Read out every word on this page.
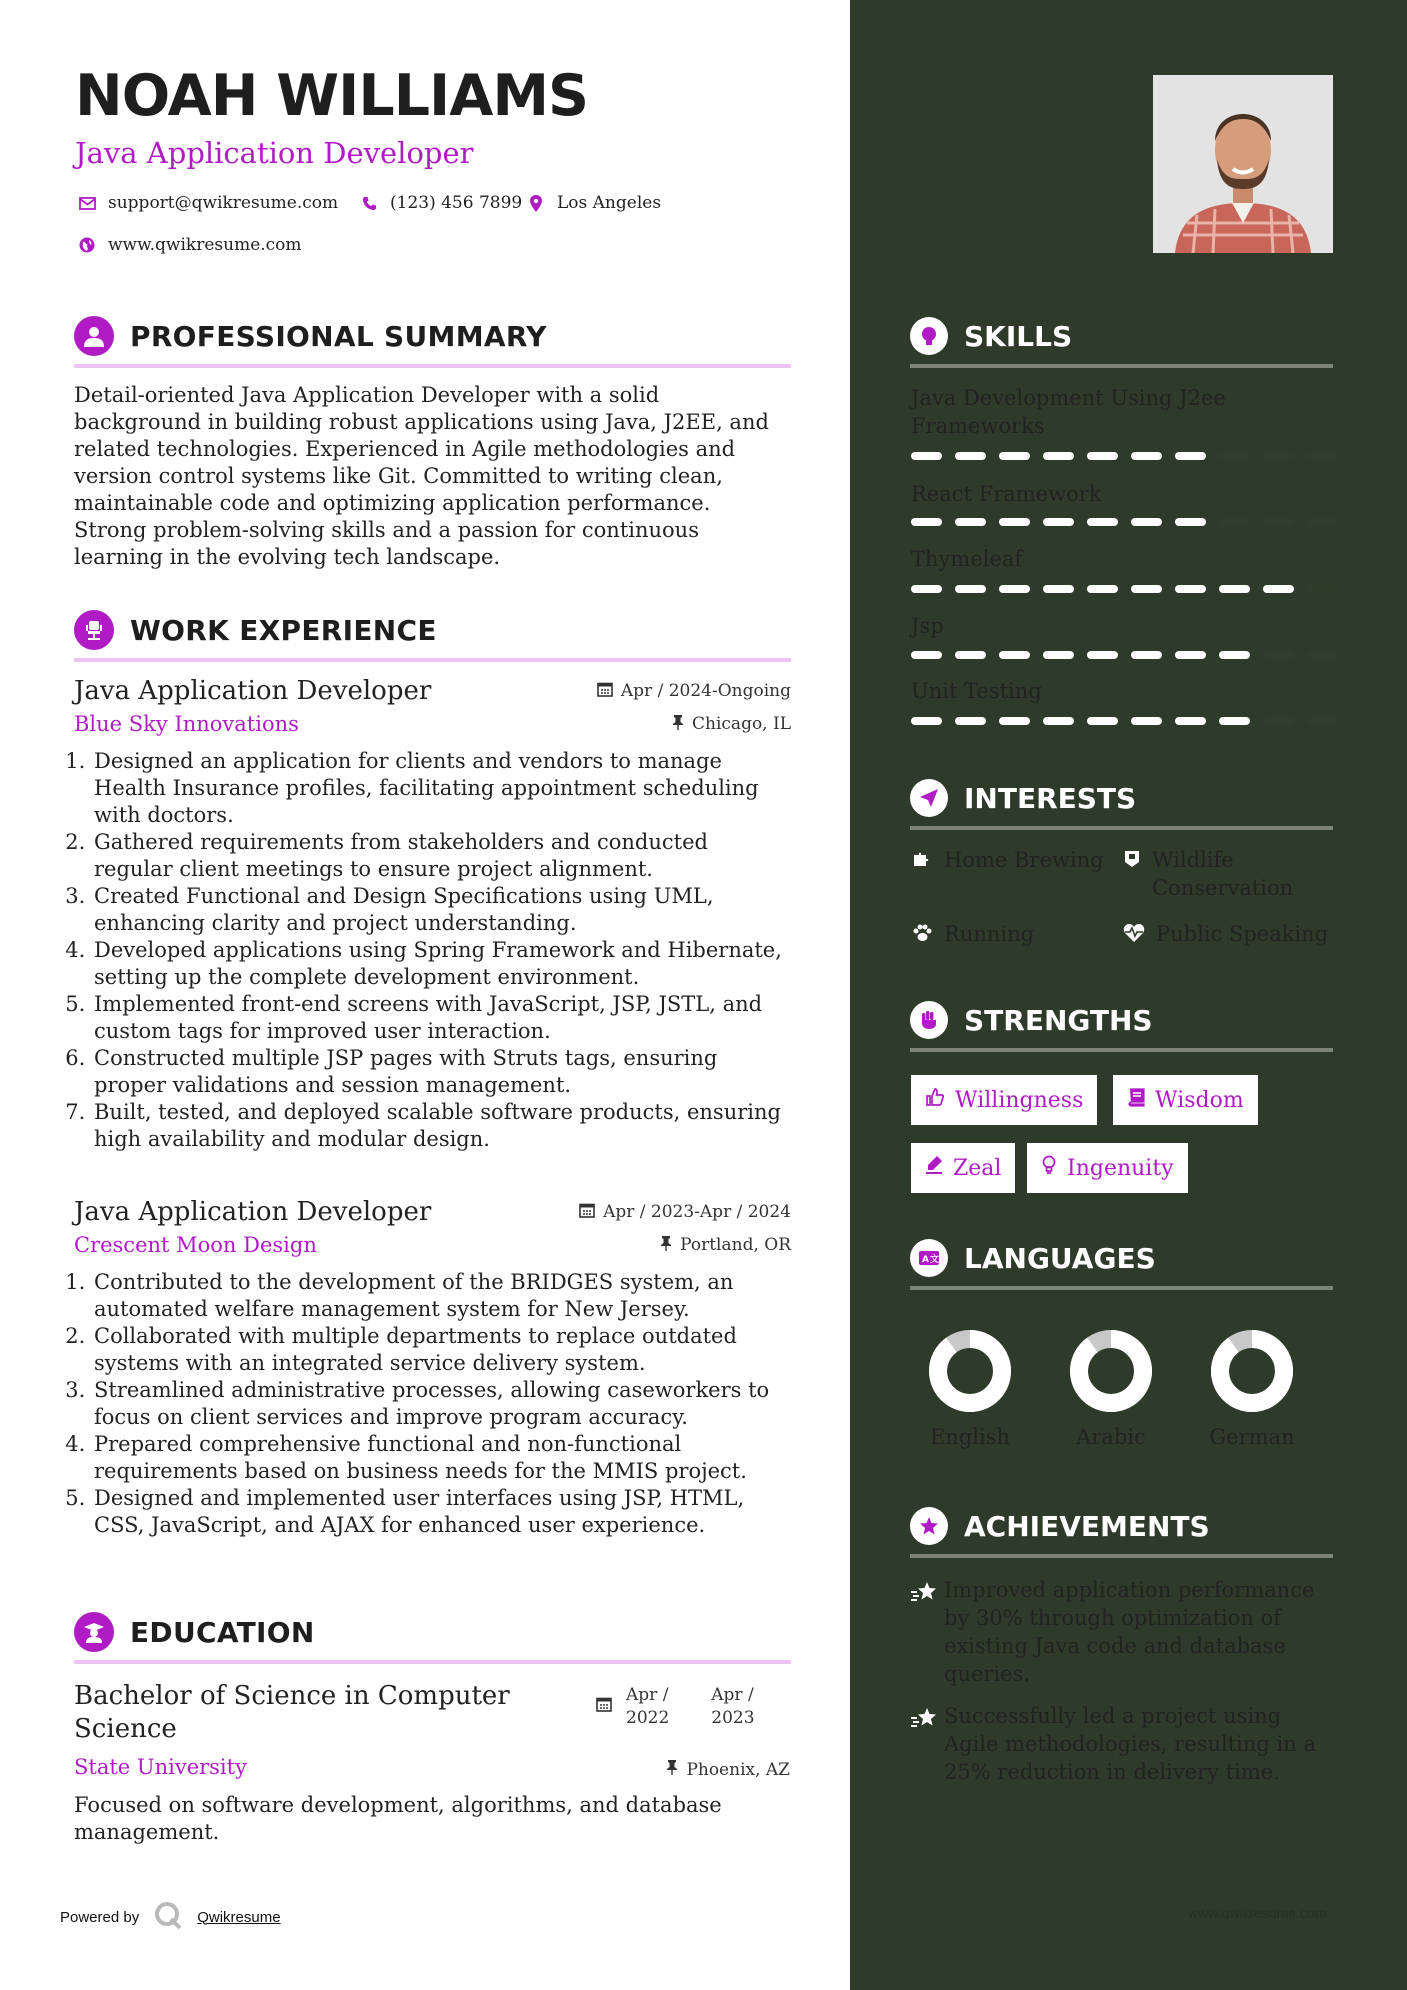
NOAH WILLIAMS
Java Application Developer
support@qwikresume.com	(123) 456 7899 Los Angeles
www.qwikresume.com
PROFESSIONAL SUMMARY
Detail-oriented Java Application Developer with a solid background in building robust applications using Java, J2EE, and related technologies. Experienced in Agile methodologies and version control systems like Git. Committed to writing clean, maintainable code and optimizing application performance. Strong problem-solving skills and a passion for continuous learning in the evolving tech landscape.
WORK EXPERIENCE
Java Application Developer	Apr / 2024-Ongoing
Blue Sky Innovations	Chicago, IL
1. Designed an application for clients and vendors to manage Health Insurance profiles, facilitating appointment scheduling with doctors.
2. Gathered requirements from stakeholders and conducted regular client meetings to ensure project alignment.
3. Created Functional and Design Specifications using UML, enhancing clarity and project understanding.
4. Developed applications using Spring Framework and Hibernate, setting up the complete development environment.
5. Implemented front-end screens with JavaScript, JSP, JSTL, and custom tags for improved user interaction.
6. Constructed multiple JSP pages with Struts tags, ensuring proper validations and session management.
7. Built, tested, and deployed scalable software products, ensuring high availability and modular design.
Java Application Developer	Apr / 2023-Apr / 2024
Crescent Moon Design	Portland, OR
1. Contributed to the development of the BRIDGES system, an automated welfare management system for New Jersey.
2. Collaborated with multiple departments to replace outdated systems with an integrated service delivery system.
3. Streamlined administrative processes, allowing caseworkers to focus on client services and improve program accuracy.
4. Prepared comprehensive functional and non-functional requirements based on business needs for the MMIS project.
5. Designed and implemented user interfaces using JSP, HTML, CSS, JavaScript, and AJAX for enhanced user experience.
EDUCATION
Bachelor of Science in Computer Science
Apr /
2022
Apr /
2023
State University	Phoenix, AZ
Focused on software development, algorithms, and database management.
Powered by	Qwikresume
SKILLS
Java Development Using J2ee Frameworks
React Framework
Thymeleaf
Jsp
Unit Testing
INTERESTS
Home Brewing Wildlife Conservation
Running	Public Speaking
STRENGTHS
Willingness	Wisdom
Zeal	Ingenuity
A 文 LANGUAGES
English	Arabic	German
ACHIEVEMENTS
Improved application performance by 30% through optimization of existing Java code and database queries.
Successfully led a project using Agile methodologies, resulting in a 25% reduction in delivery time.
www.qwikresume.com
